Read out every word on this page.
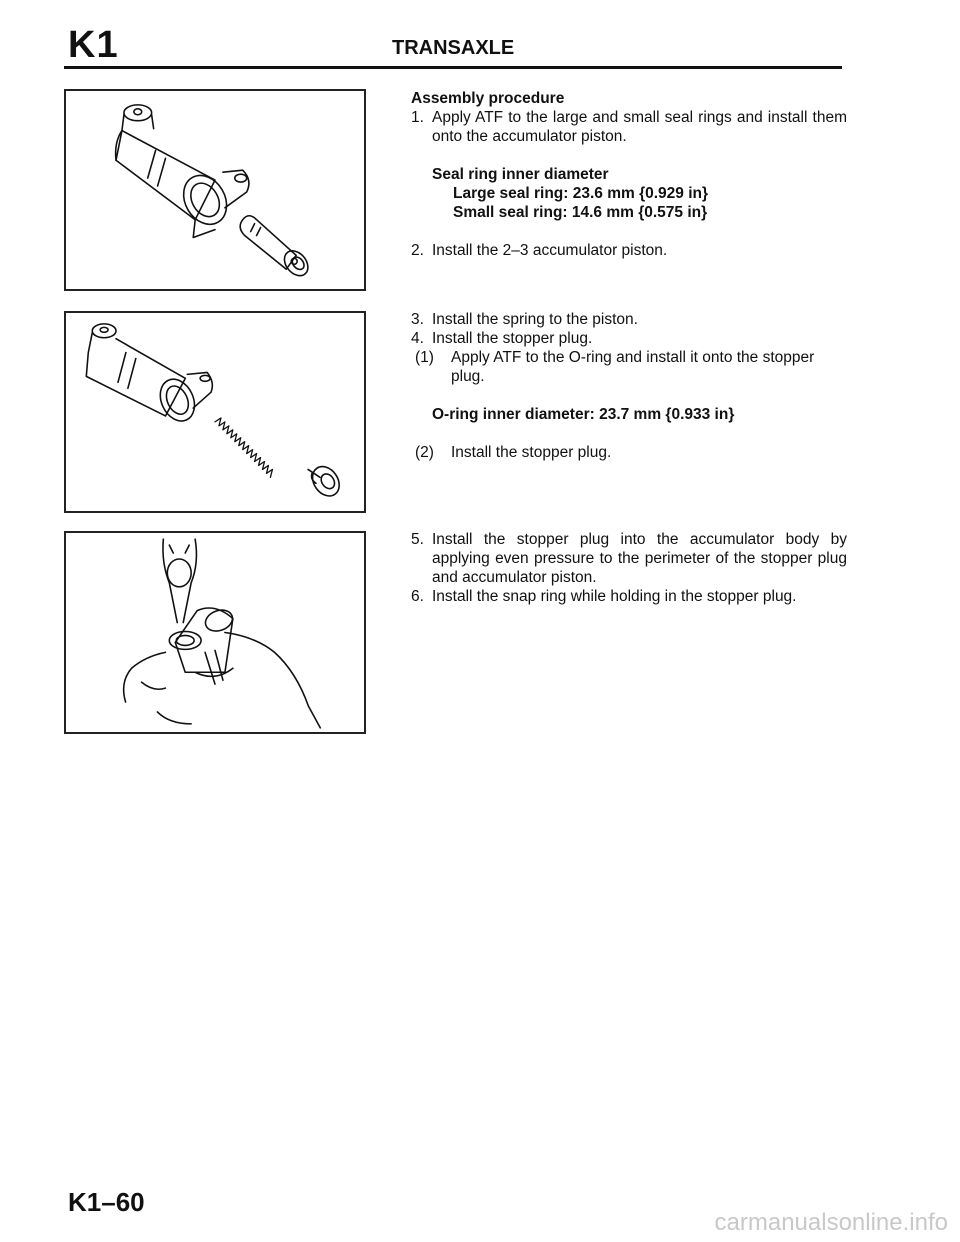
K1	TRANSAXLE
Assembly procedure
1. Apply ATF to the large and small seal rings and install them onto the accumulator piston.
Seal ring inner diameter
Large seal ring: 23.6 mm {0.929 in}
Small seal ring: 14.6 mm {0.575 in}
2. Install the 2–3 accumulator piston.
3. Install the spring to the piston.
4. Install the stopper plug.
(1)	Apply ATF to the O-ring and install it onto the stopper plug.
O-ring inner diameter: 23.7 mm {0.933 in}
(2)	Install the stopper plug.
5. Install the stopper plug into the accumulator body by applying even pressure to the perimeter of the stopper plug and accumulator piston.
6. Install the snap ring while holding in the stopper plug.
K1–60
carmanualsonline.info
